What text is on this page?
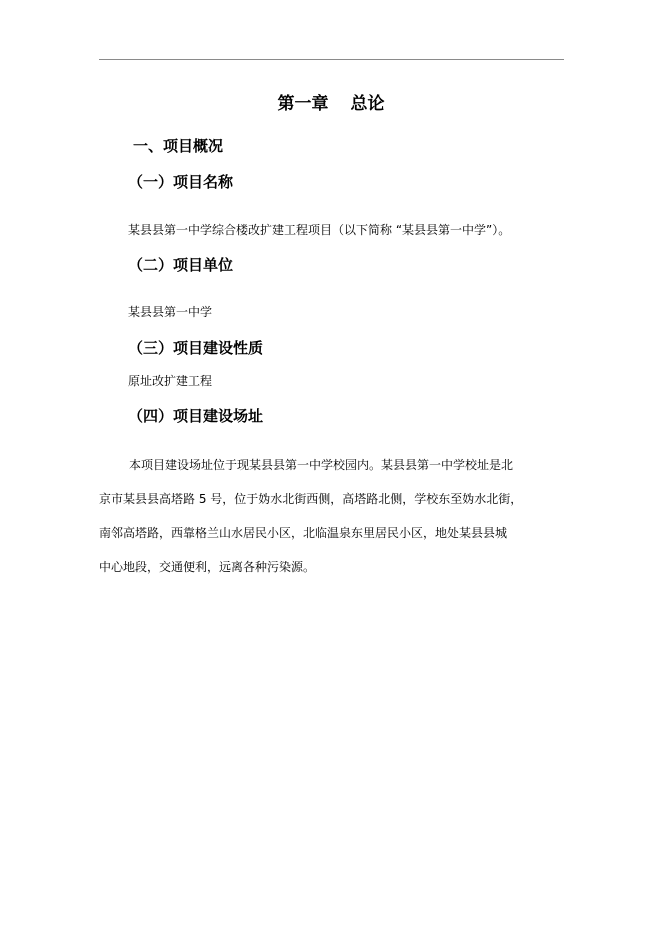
第一章 总论
一、项目概况
（一）项目名称
某县县第一中学综合楼改扩建工程项目（以下简称 “某县县第一中学”）。
（二）项目单位
某县县第一中学
（三）项目建设性质
原址改扩建工程
（四）项目建设场址
本项目建设场址位于现某县县第一中学校园内。某县县第一中学校址是北
京市某县县高塔路 5 号，位于妫水北街西侧，高塔路北侧，学校东至妫水北街，
南邻高塔路，西靠格兰山水居民小区，北临温泉东里居民小区，地处某县县城
中心地段，交通便利，远离各种污染源。
